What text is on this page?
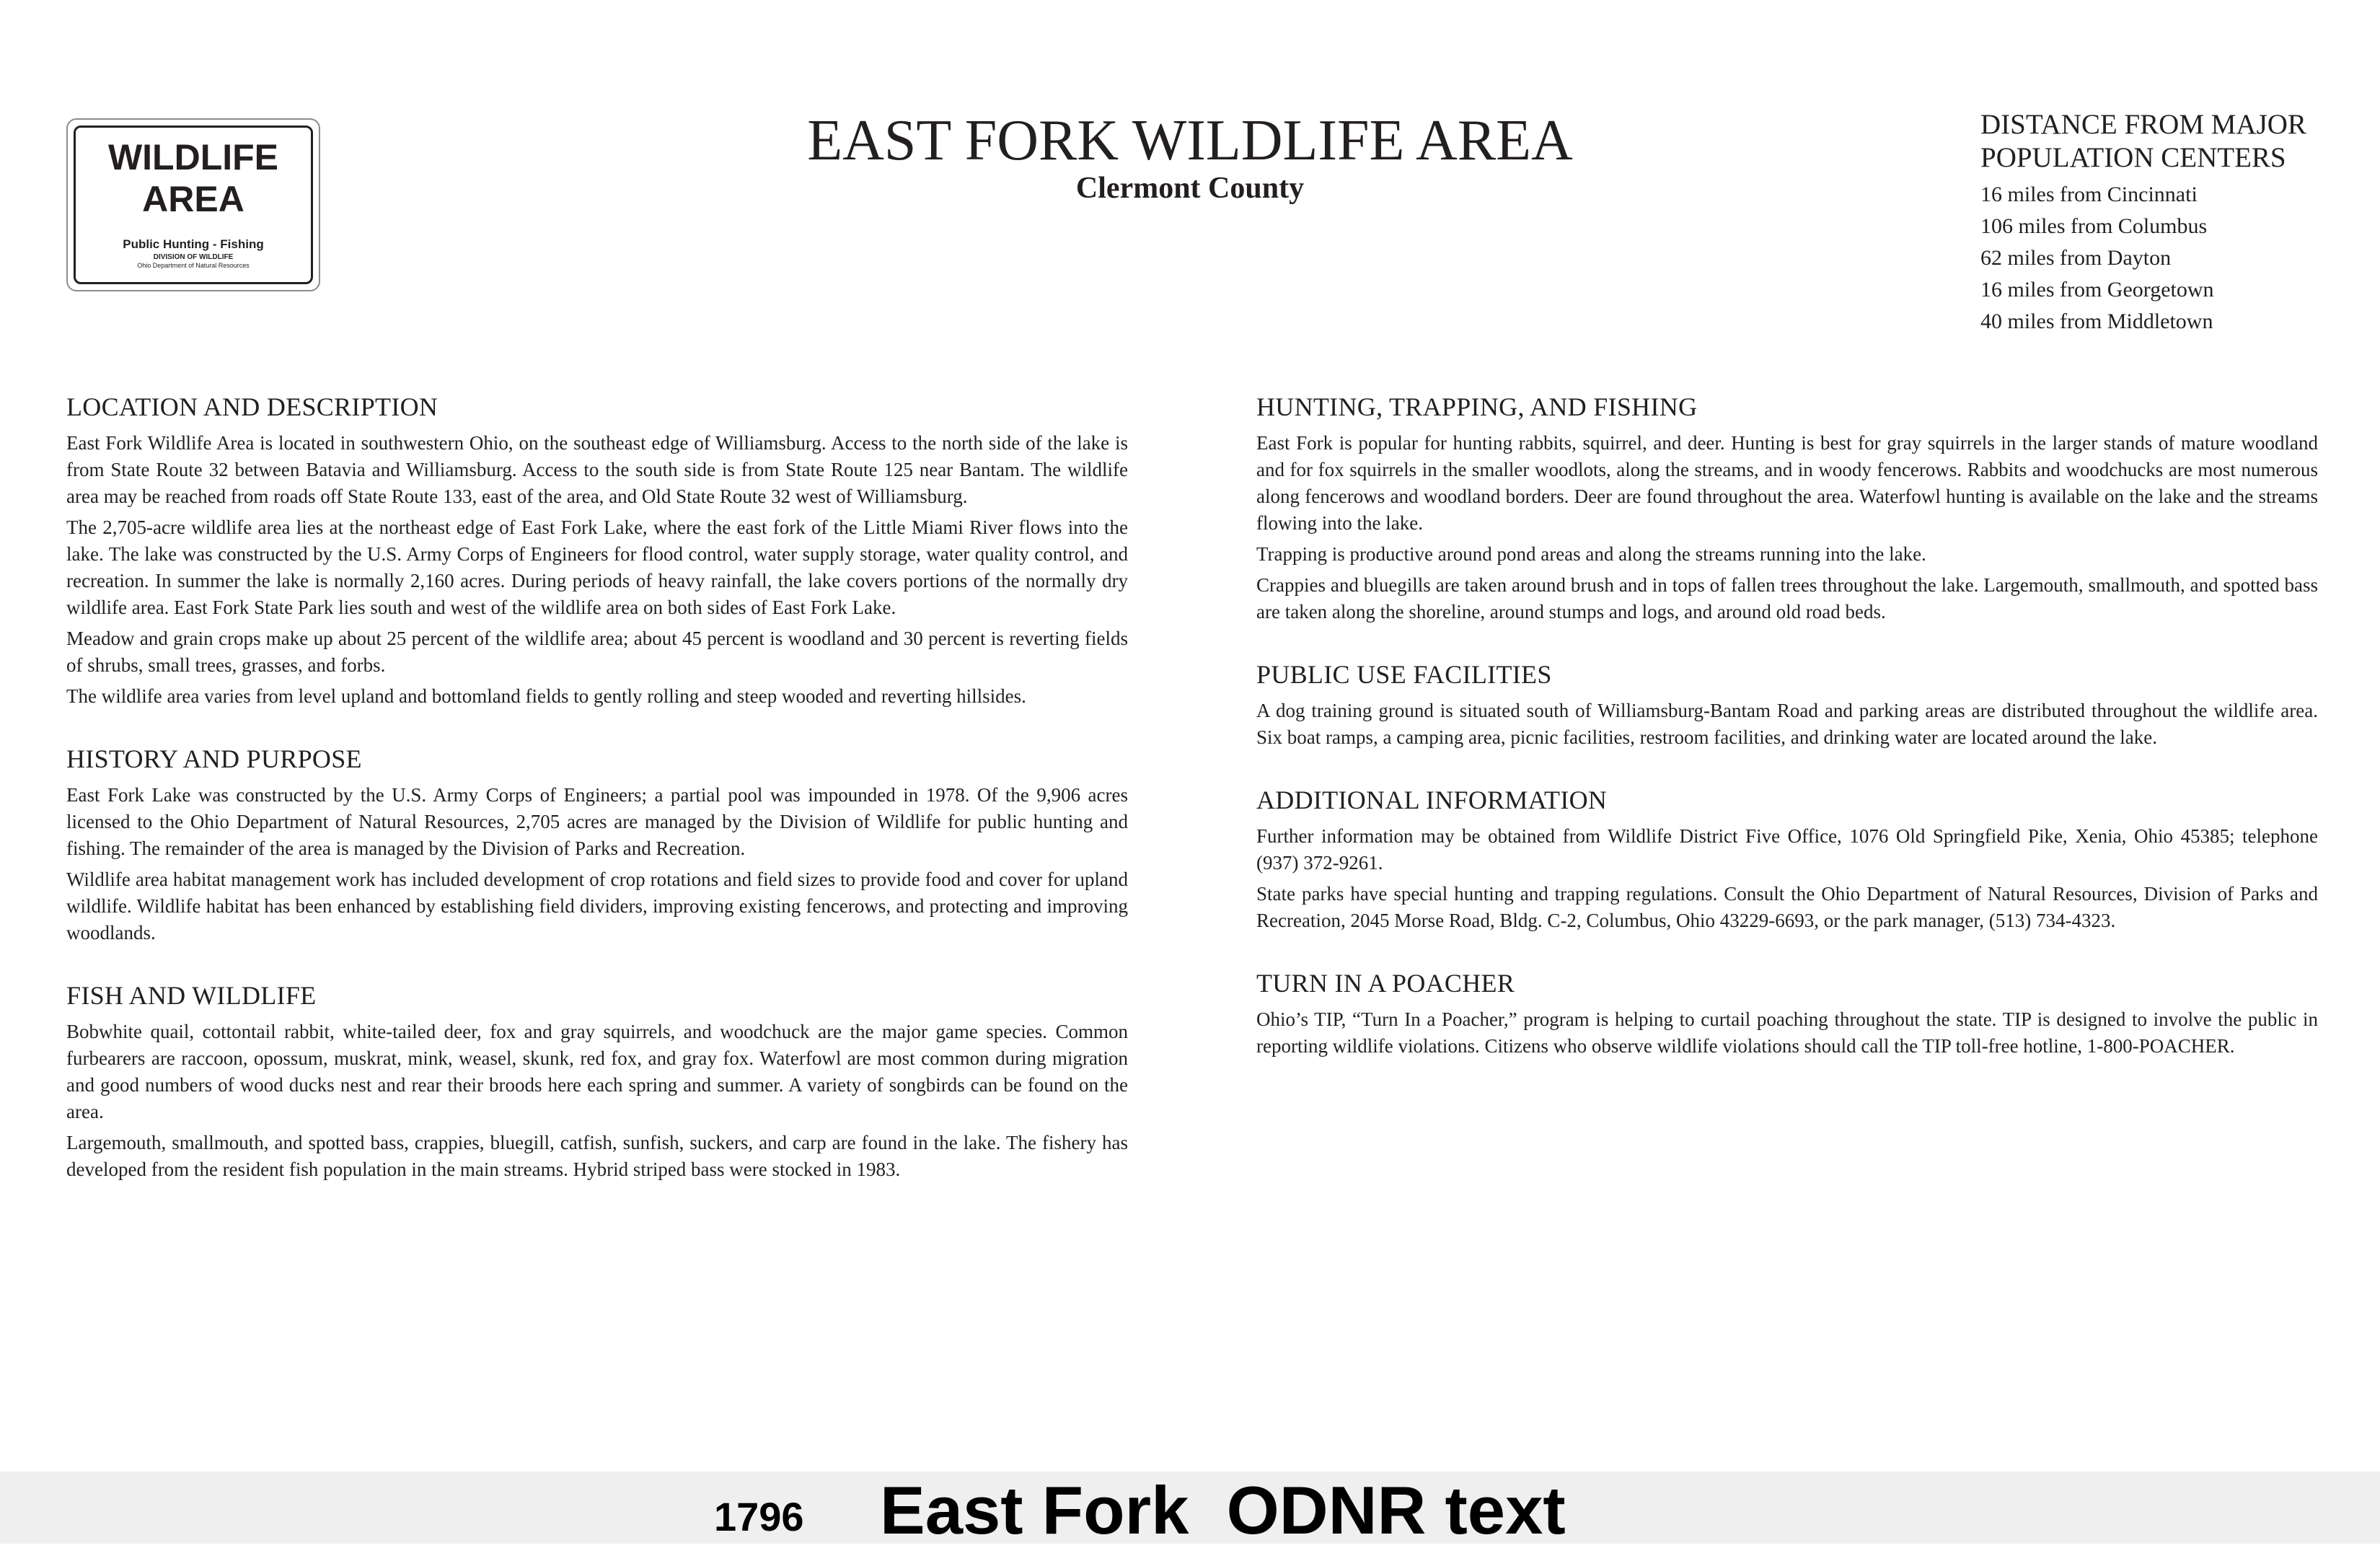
WILDLIFE
AREA
Public Hunting - Fishing
DIVISION OF WILDLIFE
Ohio Department of Natural Resources
EAST FORK WILDLIFE AREA
Clermont County
DISTANCE FROM MAJOR
POPULATION CENTERS
16 miles from Cincinnati
106 miles from Columbus
62 miles from Dayton
16 miles from Georgetown
40 miles from Middletown
LOCATION AND DESCRIPTION

East Fork Wildlife Area is located in southwestern Ohio, on the southeast edge of Williamsburg. Access to the north side of the lake is from State Route 32 between Batavia and Williamsburg. Access to the south side is from State Route 125 near Bantam. The wildlife area may be reached from roads off State Route 133, east of the area, and Old State Route 32 west of Williamsburg.

The 2,705-acre wildlife area lies at the northeast edge of East Fork Lake, where the east fork of the Little Miami River flows into the lake. The lake was constructed by the U.S. Army Corps of Engineers for flood control, water supply storage, water quality control, and recreation. In summer the lake is normally 2,160 acres. During periods of heavy rainfall, the lake covers portions of the normally dry wildlife area. East Fork State Park lies south and west of the wildlife area on both sides of East Fork Lake.

Meadow and grain crops make up about 25 percent of the wildlife area; about 45 percent is woodland and 30 percent is reverting fields of shrubs, small trees, grasses, and forbs.

The wildlife area varies from level upland and bottomland fields to gently rolling and steep wooded and reverting hillsides.

HISTORY AND PURPOSE

East Fork Lake was constructed by the U.S. Army Corps of Engineers; a partial pool was impounded in 1978. Of the 9,906 acres licensed to the Ohio Department of Natural Resources, 2,705 acres are managed by the Division of Wildlife for public hunting and fishing. The remainder of the area is managed by the Division of Parks and Recreation.

Wildlife area habitat management work has included development of crop rotations and field sizes to provide food and cover for upland wildlife. Wildlife habitat has been enhanced by establishing field dividers, improving existing fencerows, and protecting and improving woodlands.

FISH AND WILDLIFE

Bobwhite quail, cottontail rabbit, white-tailed deer, fox and gray squirrels, and woodchuck are the major game species. Common furbearers are raccoon, opossum, muskrat, mink, weasel, skunk, red fox, and gray fox. Waterfowl are most common during migration and good numbers of wood ducks nest and rear their broods here each spring and summer. A variety of songbirds can be found on the area.

Largemouth, smallmouth, and spotted bass, crappies, bluegill, catfish, sunfish, suckers, and carp are found in the lake. The fishery has developed from the resident fish population in the main streams. Hybrid striped bass were stocked in 1983.

HUNTING, TRAPPING, AND FISHING

East Fork is popular for hunting rabbits, squirrel, and deer. Hunting is best for gray squirrels in the larger stands of mature woodland and for fox squirrels in the smaller woodlots, along the streams, and in woody fencerows. Rabbits and woodchucks are most numerous along fencerows and woodland borders. Deer are found throughout the area. Waterfowl hunting is available on the lake and the streams flowing into the lake.

Trapping is productive around pond areas and along the streams running into the lake.

Crappies and bluegills are taken around brush and in tops of fallen trees throughout the lake. Largemouth, smallmouth, and spotted bass are taken along the shoreline, around stumps and logs, and around old road beds.

PUBLIC USE FACILITIES

A dog training ground is situated south of Williamsburg-Bantam Road and parking areas are distributed throughout the wildlife area. Six boat ramps, a camping area, picnic facilities, restroom facilities, and drinking water are located around the lake.

ADDITIONAL INFORMATION

Further information may be obtained from Wildlife District Five Office, 1076 Old Springfield Pike, Xenia, Ohio 45385; telephone (937) 372-9261.

State parks have special hunting and trapping regulations. Consult the Ohio Department of Natural Resources, Division of Parks and Recreation, 2045 Morse Road, Bldg. C-2, Columbus, Ohio 43229-6693, or the park manager, (513) 734-4323.

TURN IN A POACHER

Ohio’s TIP, “Turn In a Poacher,” program is helping to curtail poaching throughout the state. TIP is designed to involve the public in reporting wildlife violations. Citizens who observe wildlife violations should call the TIP toll-free hotline, 1-800-POACHER.

1796 East Fork  ODNR text
